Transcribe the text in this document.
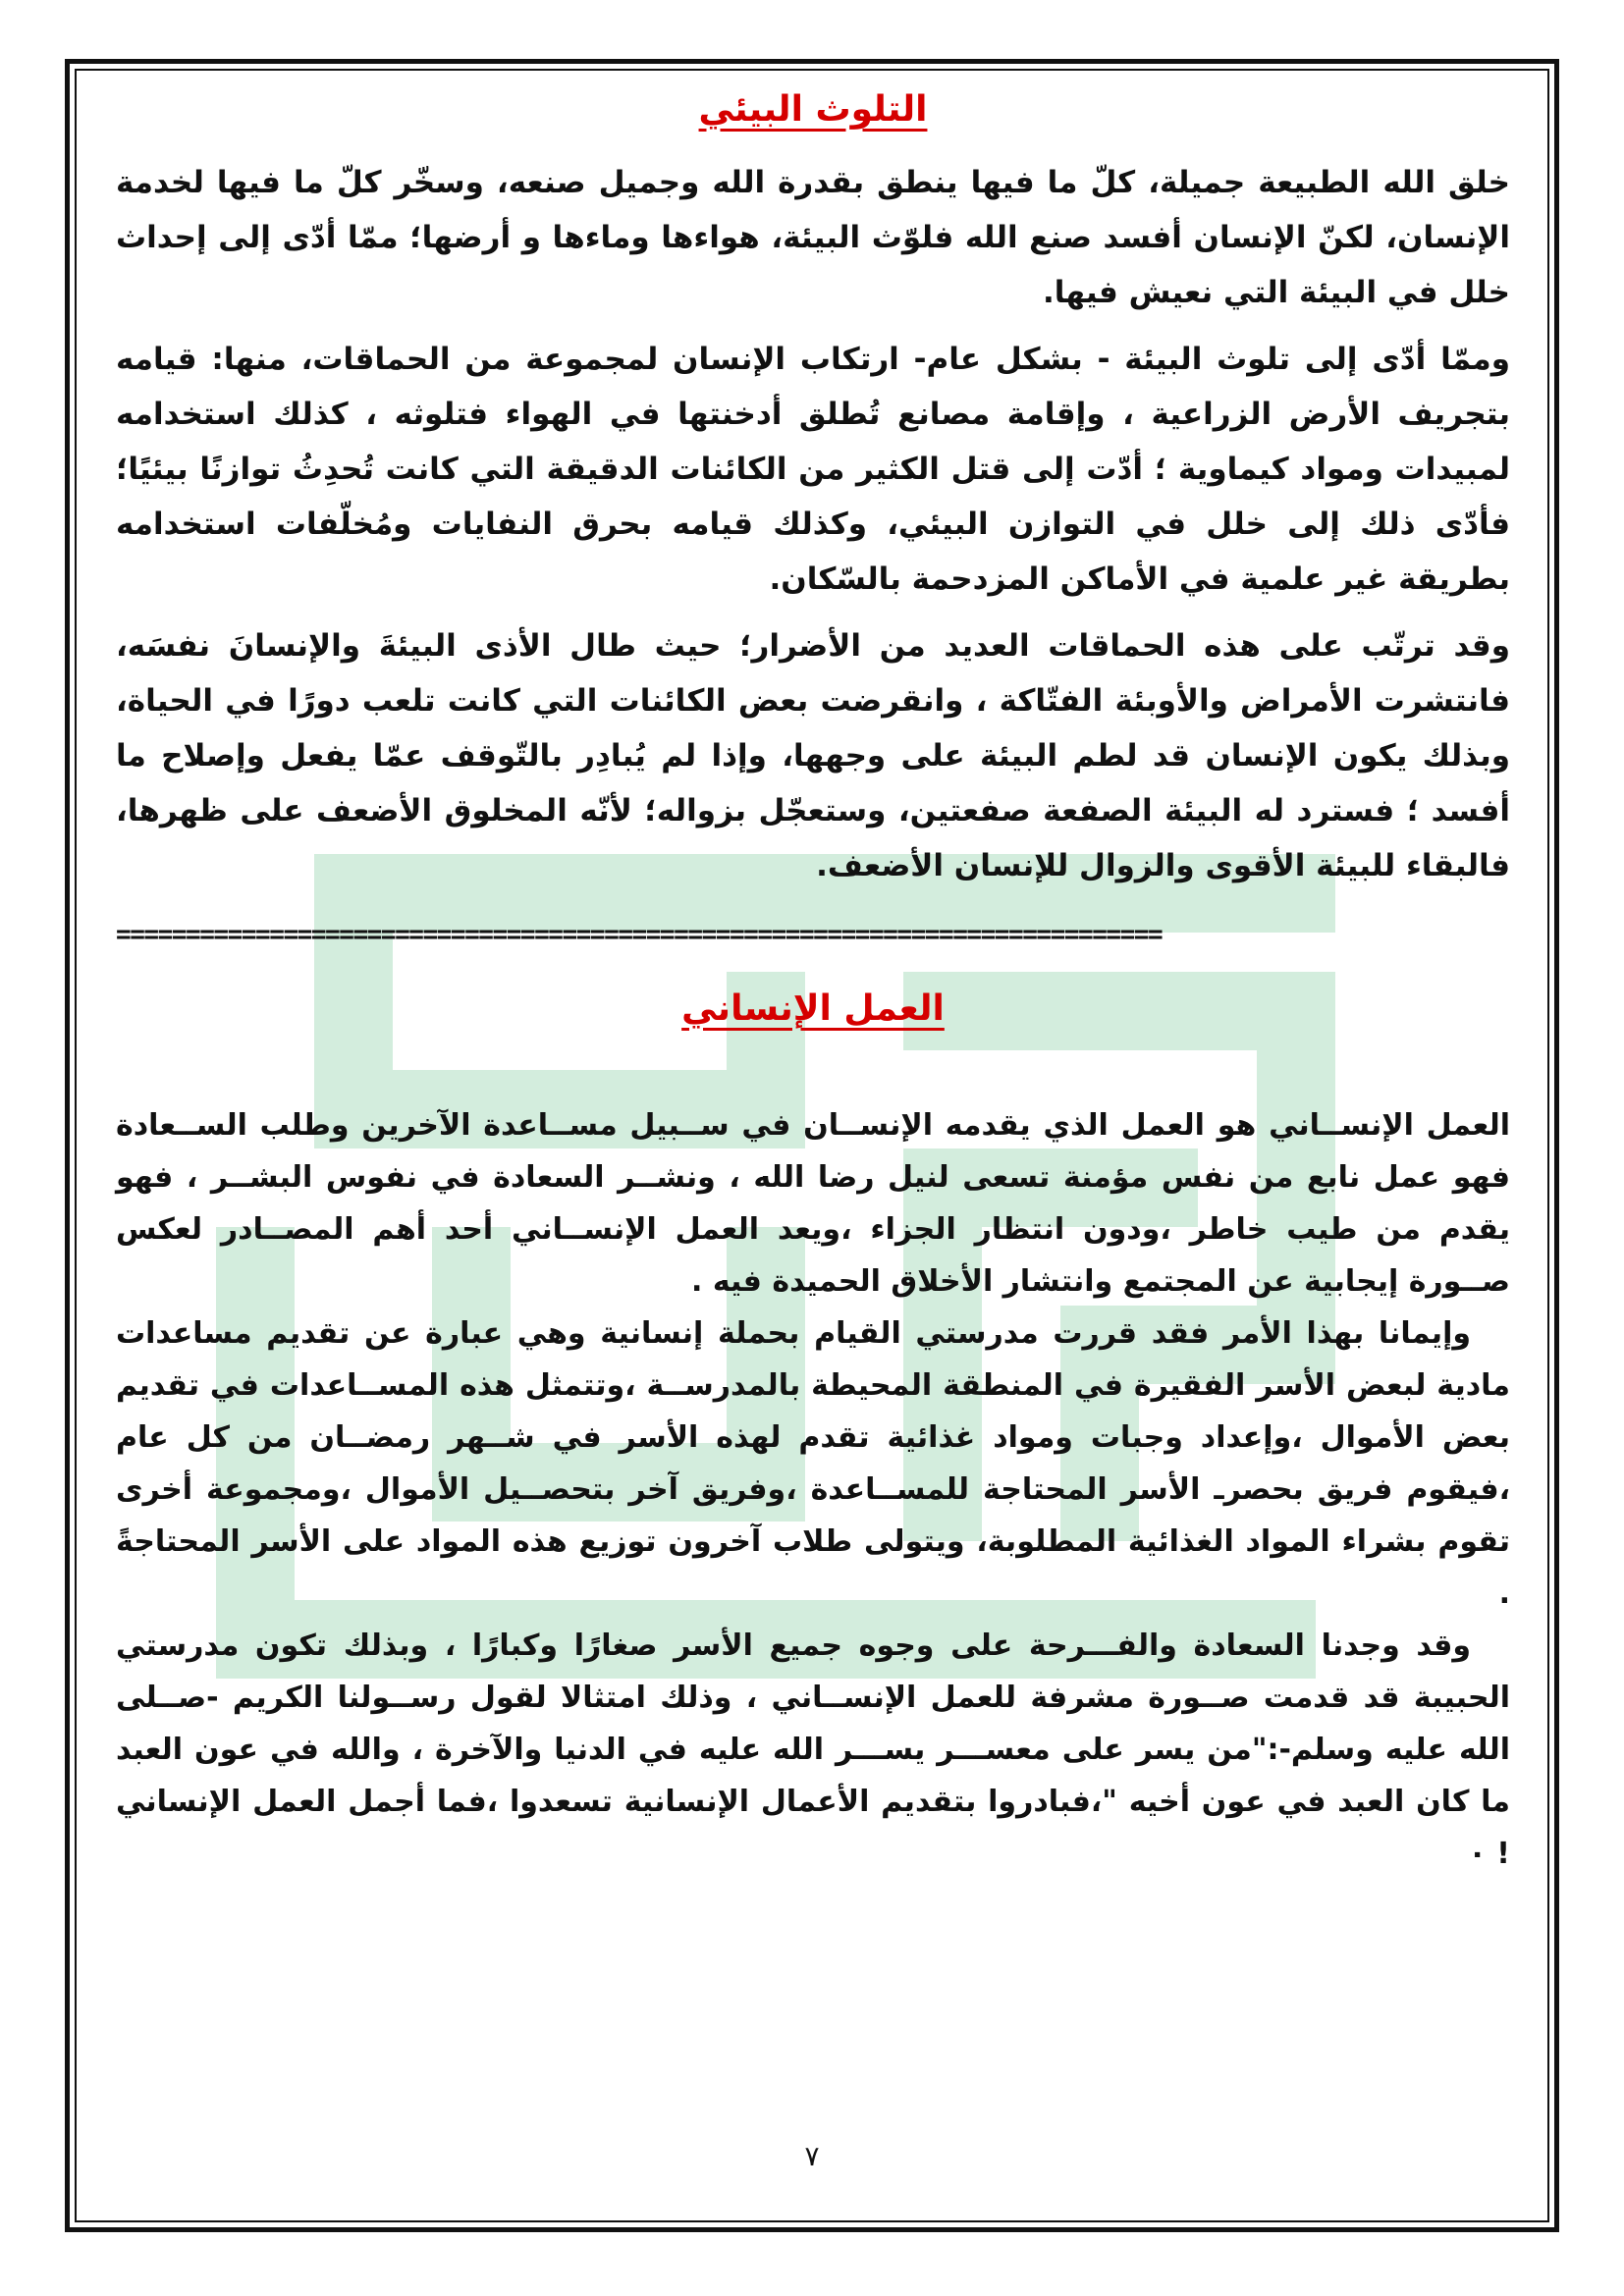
التلوث البيئي

خلق الله الطبيعة جميلة، كلّ ما فيها ينطق بقدرة الله وجميل صنعه، وسخّر كلّ ما فيها لخدمة الإنسان، لكنّ الإنسان أفسد صنع الله فلوّث البيئة، هواءها وماءها و أرضها؛ ممّا أدّى إلى إحداث خلل في البيئة التي نعيش فيها.

وممّا أدّى إلى تلوث البيئة - بشكل عام- ارتكاب الإنسان لمجموعة من الحماقات، منها: قيامه بتجريف الأرض الزراعية ، وإقامة مصانع تُطلق أدخنتها في الهواء فتلوثه ، كذلك استخدامه لمبيدات ومواد كيماوية ؛ أدّت إلى قتل الكثير من الكائنات الدقيقة التي كانت تُحدِثُ توازنًا بيئيًا؛ فأدّى ذلك إلى خلل في التوازن البيئي، وكذلك قيامه بحرق النفايات ومُخلّفات استخدامه بطريقة غير علمية في الأماكن المزدحمة بالسّكان.

وقد ترتّب على هذه الحماقات العديد من الأضرار؛ حيث طال الأذى البيئةَ والإنسانَ نفسَه، فانتشرت الأمراض والأوبئة الفتّاكة ، وانقرضت بعض الكائنات التي كانت تلعب دورًا في الحياة، وبذلك يكون الإنسان قد لطم البيئة على وجهها، وإذا لم يُبادِر بالتّوقف عمّا يفعل وإصلاح ما أفسد ؛ فسترد له البيئة الصفعة صفعتين، وستعجّل بزواله؛ لأنّه المخلوق الأضعف على ظهرها، فالبقاء للبيئة الأقوى والزوال للإنسان الأضعف.

===========================================================================
العمل الإنساني

العمل الإنســاني هو العمل الذي يقدمه الإنســان في ســبيل مســاعدة الآخرين وطلب الســعادة فهو عمل نابع من نفس مؤمنة تسعى لنيل رضا الله ، ونشــر السعادة في نفوس البشــر ، فهو يقدم من طيب خاطر ،ودون انتظار الجزاء ،ويعد العمل الإنســاني أحد أهم المصــادر لعكس صــورة إيجابية عن المجتمع وانتشار الأخلاق الحميدة فيه .

وإيمانا بهذا الأمر فقد قررت مدرستي القيام بحملة إنسانية وهي عبارة عن تقديم مساعدات مادية لبعض الأسر الفقيرة في المنطقة المحيطة بالمدرســة ،وتتمثل هذه المســاعدات في تقديم بعض الأموال ،وإعداد وجبات ومواد غذائية تقدم لهذه الأسر في شــهر رمضــان من كل عام ،فيقوم فريق بحصرـ الأسر المحتاجة للمســاعدة ،وفريق آخر بتحصــيل الأموال ،ومجموعة أخرى تقوم بشراء المواد الغذائية المطلوبة، ويتولى طلاب آخرون توزيع هذه المواد على الأسر المحتاجةً .

وقد وجدنا السعادة والفـــرحة على وجوه جميع الأسر صغارًا وكبارًا ، وبذلك تكون مدرستي الحبيبة قد قدمت صــورة مشرفة للعمل الإنســاني ، وذلك امتثالا لقول رســولنا الكريم -صــلى الله عليه وسلم-:"من يسر على معســـر يســـر الله عليه في الدنيا والآخرة ، والله في عون العبد ما كان العبد في عون أخيه "،فبادروا بتقديم الأعمال الإنسانية تسعدوا ،فما أجمل العمل الإنساني ! ٠

٧
